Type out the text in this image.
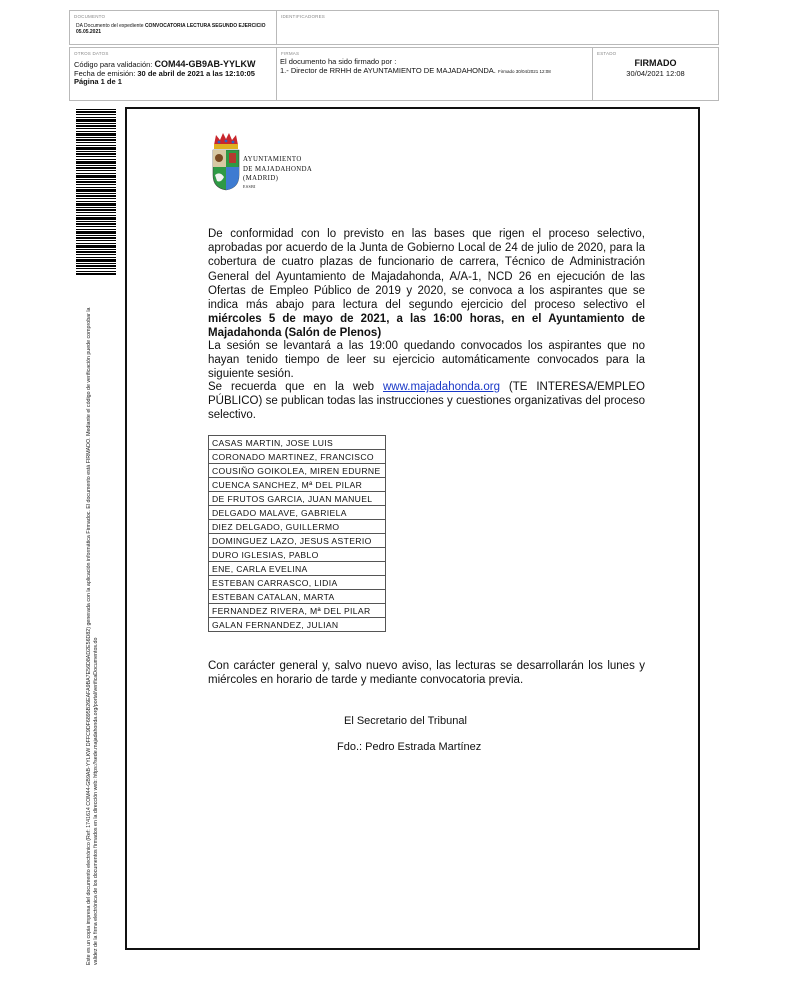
DOCUMENTO
DA Documento del expediente CONVOCATORIA LECTURA SEGUNDO EJERCICIO 05.05.2021
IDENTIFICADORES
OTROS DATOS
Código para validación: COM44-GB9AB-YYLKW
Fecha de emisión: 30 de abril de 2021 a las 12:10:05
Página 1 de 1
FIRMAS
El documento ha sido firmado por :
1.- Director de RRHH de AYUNTAMIENTO DE MAJADAHONDA. Firmado 30/04/2021 12:08
ESTADO
FIRMADO
30/04/2021 12:08
Este es un copia impresa del documento electrónico (Ref: 1741614 COM44-GB9AB-YYLKW DFFC9DF6895B26EAFA9BA7E56D8AD2E56D82) generada con la aplicación informática Firmadoc. El documento está FIRMADO. Mediante el código de verificación puede comprobar la validez de la firma electrónica de los documentos firmados en la dirección web: https://sede.majadahonda.org/portal/verificaDocumentos.do
AYUNTAMIENTO
DE MAJADAHONDA
(MADRID)
ESSBI
De conformidad con lo previsto en las bases que rigen el proceso selectivo, aprobadas por acuerdo de la Junta de Gobierno Local de 24 de julio de 2020, para la cobertura de cuatro plazas de funcionario de carrera, Técnico de Administración General del Ayuntamiento de Majadahonda, A/A-1, NCD 26 en ejecución de las Ofertas de Empleo Público de 2019 y 2020, se convoca a los aspirantes que se indica más abajo para lectura del segundo ejercicio del proceso selectivo el miércoles 5 de mayo de 2021, a las 16:00 horas, en el Ayuntamiento de Majadahonda (Salón de Plenos)
La sesión se levantará a las 19:00 quedando convocados los aspirantes que no hayan tenido tiempo de leer su ejercicio automáticamente convocados para la siguiente sesión.
Se recuerda que en la web www.majadahonda.org (TE INTERESA/EMPLEO PÚBLICO) se publican todas las instrucciones y cuestiones organizativas del proceso selectivo.
CASAS MARTIN, JOSE LUIS
CORONADO MARTINEZ, FRANCISCO
COUSIÑO GOIKOLEA, MIREN EDURNE
CUENCA SANCHEZ, Mª DEL PILAR
DE FRUTOS GARCIA, JUAN MANUEL
DELGADO MALAVE, GABRIELA
DIEZ DELGADO, GUILLERMO
DOMINGUEZ LAZO, JESUS ASTERIO
DURO IGLESIAS, PABLO
ENE, CARLA EVELINA
ESTEBAN CARRASCO, LIDIA
ESTEBAN CATALAN, MARTA
FERNANDEZ RIVERA, Mª DEL PILAR
GALAN FERNANDEZ, JULIAN
Con carácter general y, salvo nuevo aviso, las lecturas se desarrollarán los lunes y miércoles en horario de tarde y mediante convocatoria previa.
El Secretario del Tribunal
Fdo.: Pedro Estrada Martínez
